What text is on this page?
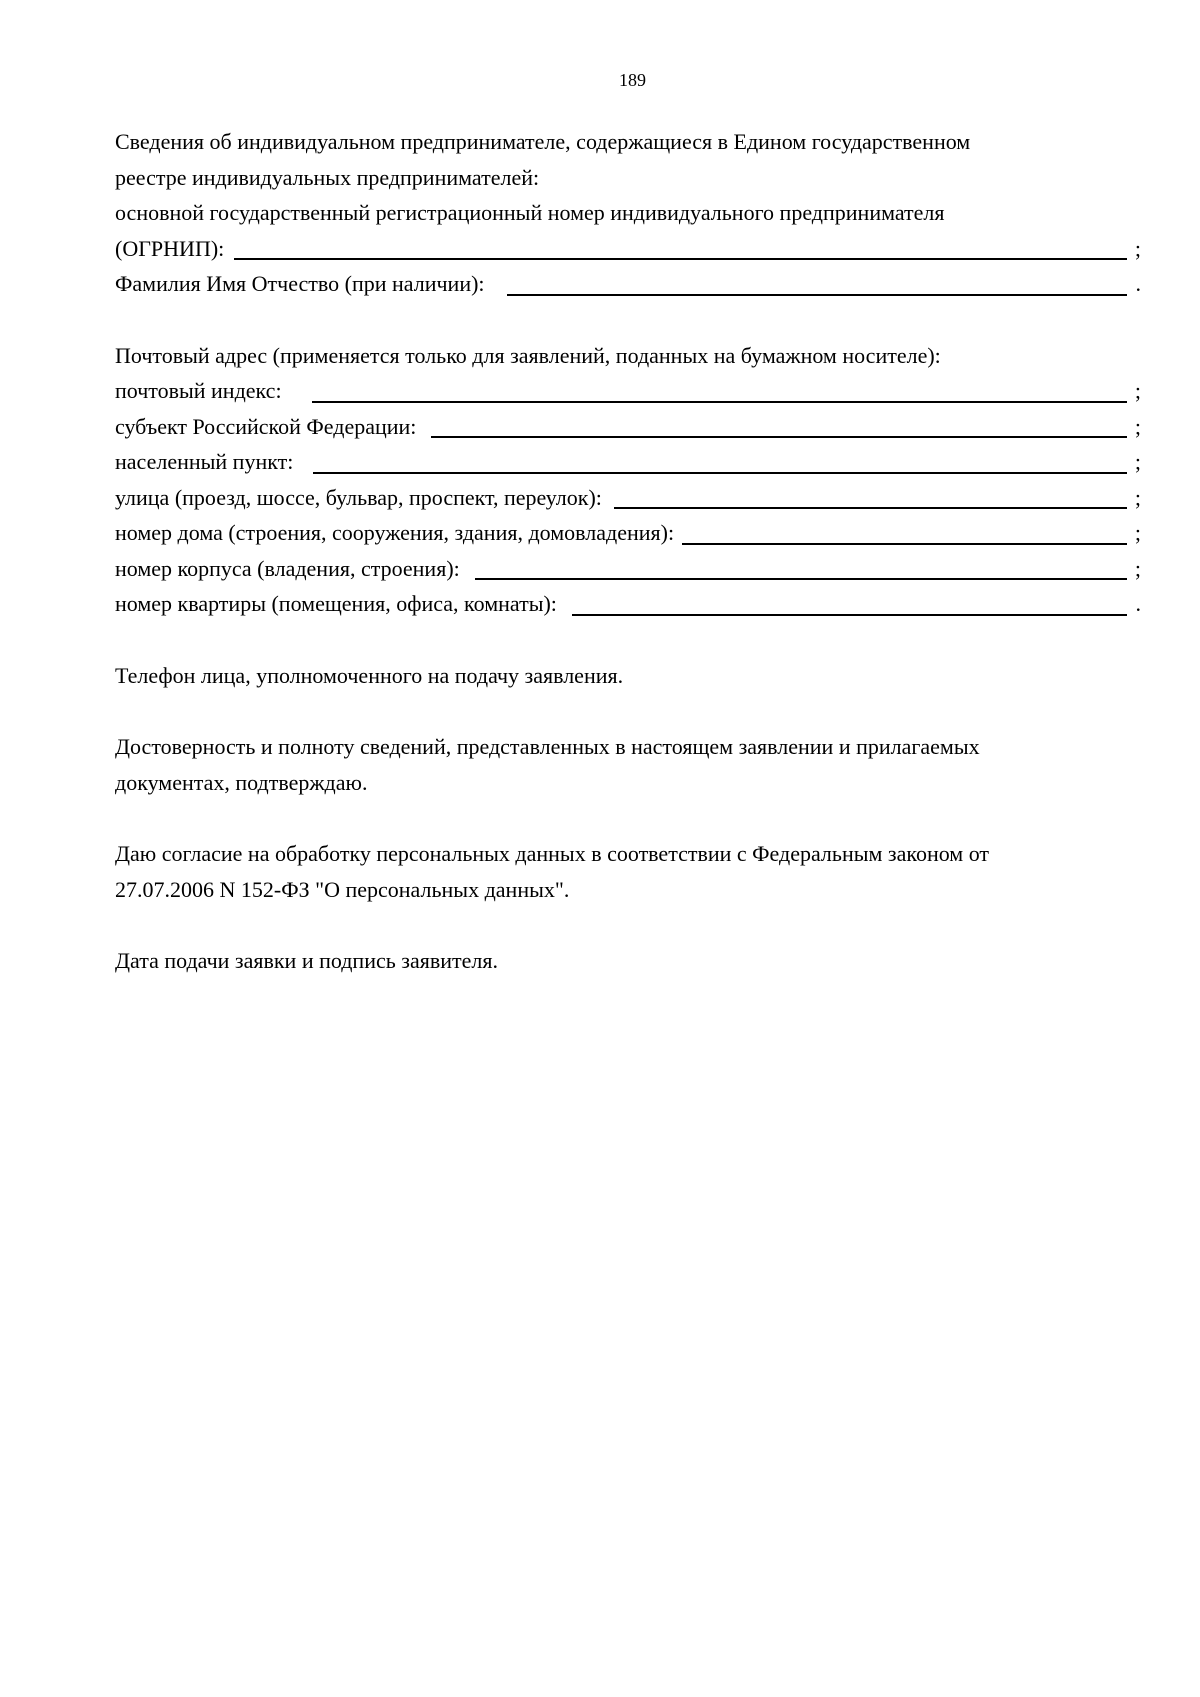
189
Сведения об индивидуальном предпринимателе, содержащиеся в Едином государственном
реестре индивидуальных предпринимателей:
основной государственный регистрационный номер индивидуального предпринимателя
(ОГРНИП):	;
Фамилия Имя Отчество (при наличии):	.
Почтовый адрес (применяется только для заявлений, поданных на бумажном носителе):
почтовый индекс:	;
субъект Российской Федерации:	;
населенный пункт:	;
улица (проезд, шоссе, бульвар, проспект, переулок):	;
номер дома (строения, сооружения, здания, домовладения):	;
номер корпуса (владения, строения):	;
номер квартиры (помещения, офиса, комнаты):	.
Телефон лица, уполномоченного на подачу заявления.
Достоверность и полноту сведений, представленных в настоящем заявлении и прилагаемых
документах, подтверждаю.
Даю согласие на обработку персональных данных в соответствии с Федеральным законом от
27.07.2006 N 152-ФЗ "О персональных данных".
Дата подачи заявки и подпись заявителя.
